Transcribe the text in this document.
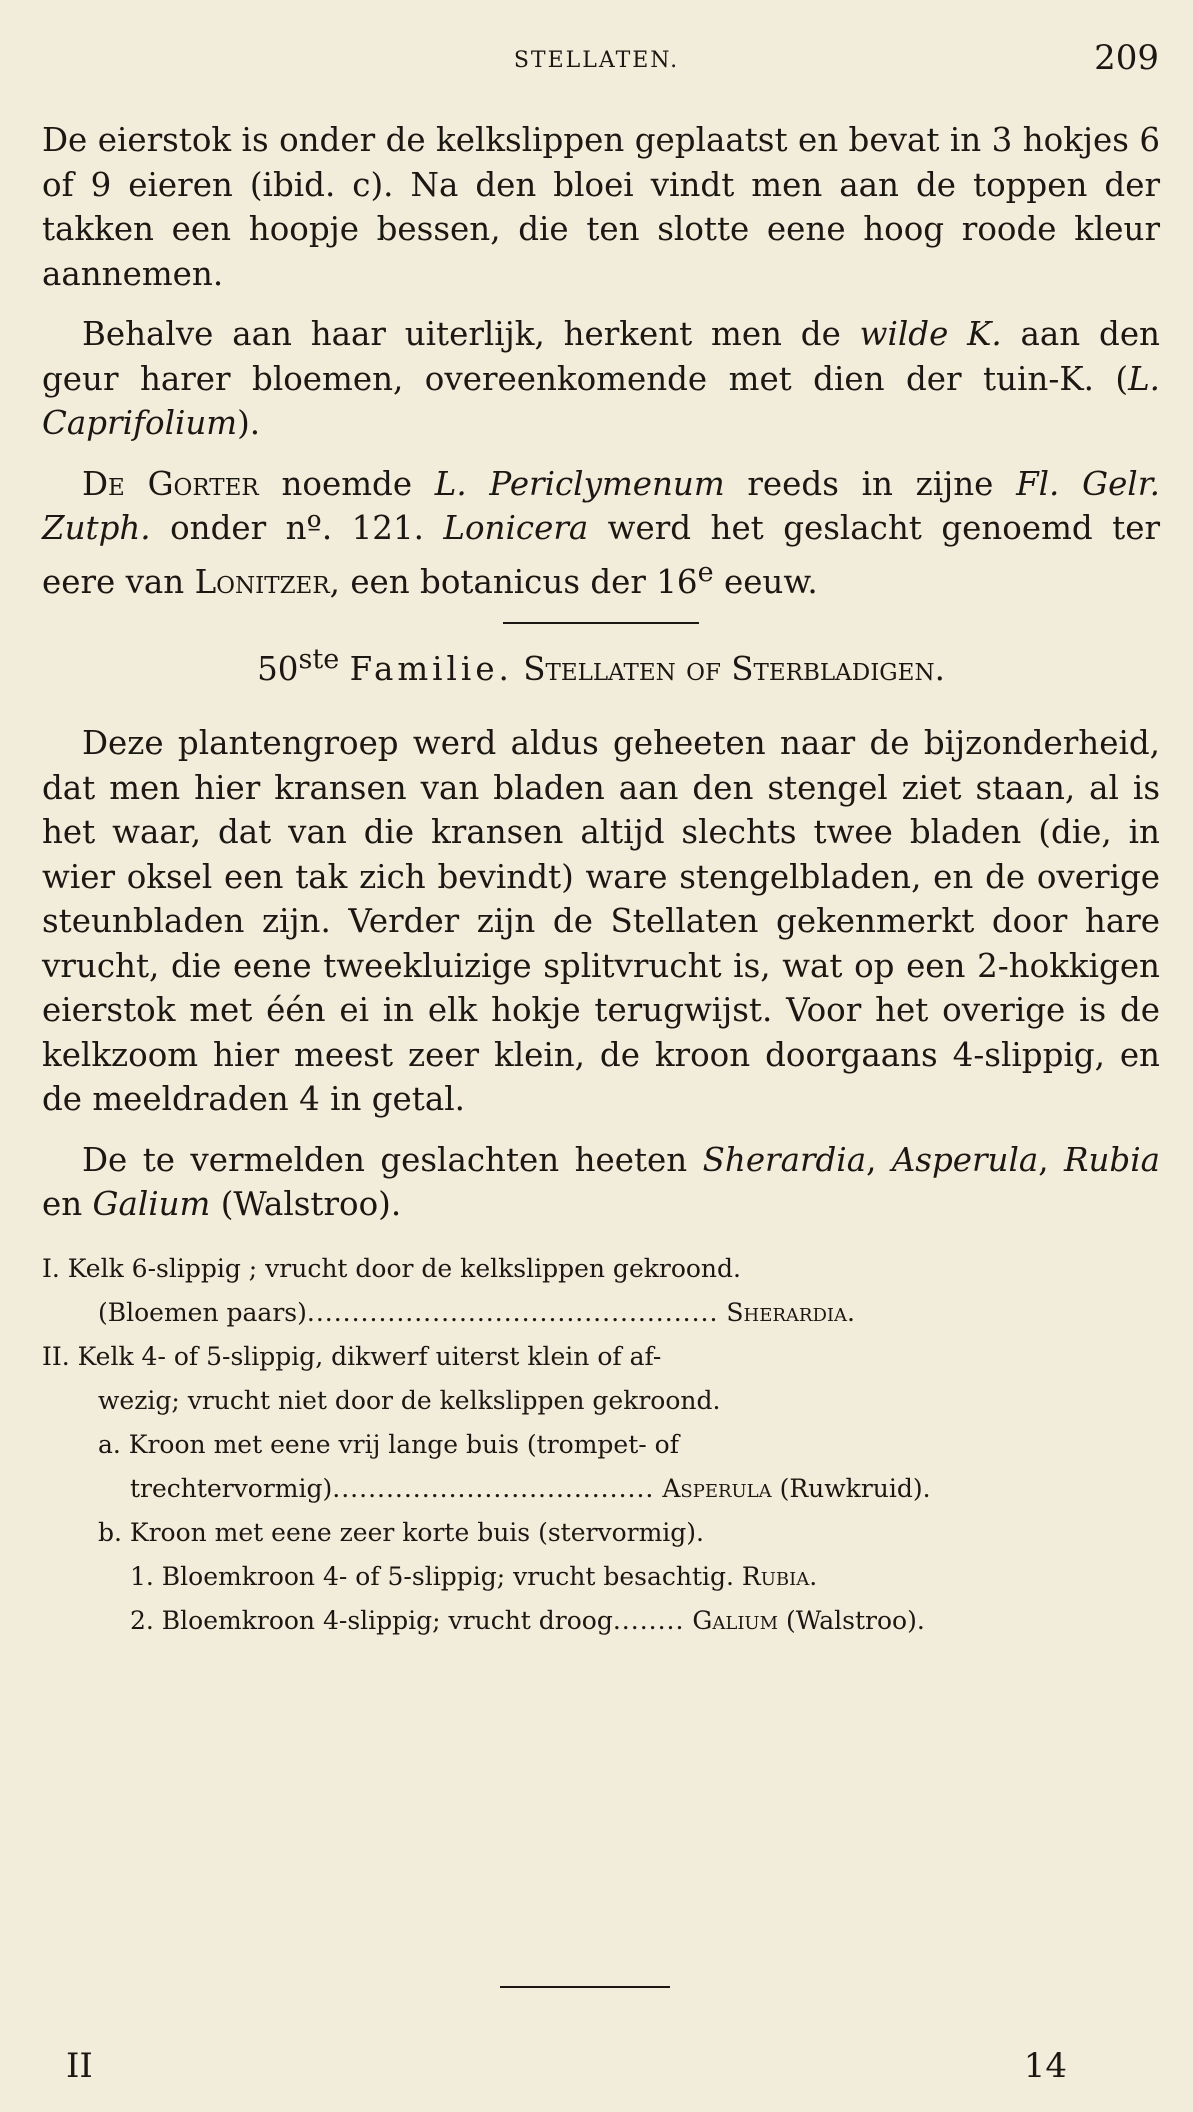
STELLATEN.	209

De eierstok is onder de kelkslippen geplaatst en bevat in 3 hokjes 6 of 9 eieren (ibid. c). Na den bloei vindt men aan de toppen der takken een hoopje bessen, die ten slotte eene hoog roode kleur aannemen.

Behalve aan haar uiterlijk, herkent men de wilde K. aan den geur harer bloemen, overeenkomende met dien der tuin-K. (L. Caprifolium).

De Gorter noemde L. Periclymenum reeds in zijne Fl. Gelr. Zutph. onder nº. 121. Lonicera werd het geslacht genoemd ter eere van Lonitzer, een botanicus der 16e eeuw.

50ste Familie. Stellaten of Sterbladigen.

Deze plantengroep werd aldus geheeten naar de bijzonderheid, dat men hier kransen van bladen aan den stengel ziet staan, al is het waar, dat van die kransen altijd slechts twee bladen (die, in wier oksel een tak zich bevindt) ware stengelbladen, en de overige steunbladen zijn. Verder zijn de Stellaten gekenmerkt door hare vrucht, die eene tweekluizige splitvrucht is, wat op een 2-hokkigen eierstok met één ei in elk hokje terugwijst. Voor het overige is de kelkzoom hier meest zeer klein, de kroon doorgaans 4-slippig, en de meeldraden 4 in getal.

De te vermelden geslachten heeten Sherardia, Asperula, Rubia en Galium (Walstroo).

I. Kelk 6-slippig ; vrucht door de kelkslippen gekroond.
(Bloemen paars).............................................. Sherardia.
II. Kelk 4- of 5-slippig, dikwerf uiterst klein of af-
wezig; vrucht niet door de kelkslippen gekroond.
a. Kroon met eene vrij lange buis (trompet- of
trechtervormig).................................... Asperula (Ruwkruid).
b. Kroon met eene zeer korte buis (stervormig).
1. Bloemkroon 4- of 5-slippig; vrucht besachtig. Rubia.
2. Bloemkroon 4-slippig; vrucht droog........ Galium (Walstroo).
II	14
